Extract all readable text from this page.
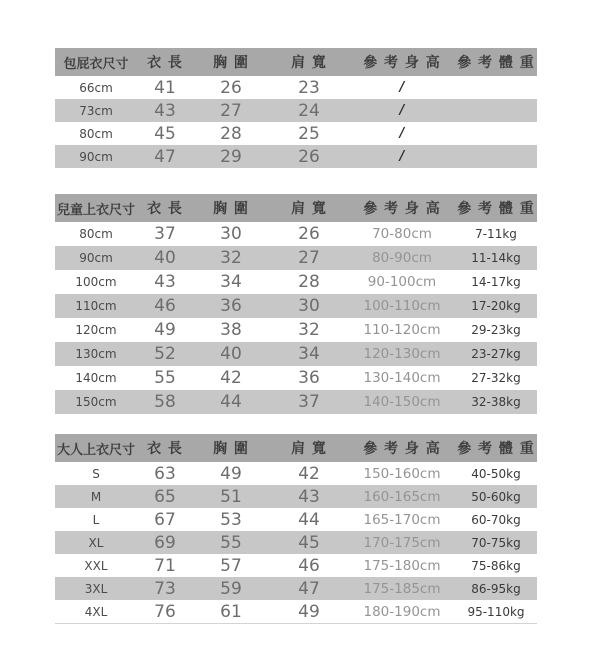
包屁衣尺寸	衣 長	胸 圍	肩 寬	參 考 身 高	參 考 體 重
66cm	41	26	23	/	
73cm	43	27	24	/	
80cm	45	28	25	/	
90cm	47	29	26	/	
兒童上衣尺寸	衣 長	胸 圍	肩 寬	參 考 身 高	參 考 體 重
80cm	37	30	26	70-80cm	7-11kg
90cm	40	32	27	80-90cm	11-14kg
100cm	43	34	28	90-100cm	14-17kg
110cm	46	36	30	100-110cm	17-20kg
120cm	49	38	32	110-120cm	29-23kg
130cm	52	40	34	120-130cm	23-27kg
140cm	55	42	36	130-140cm	27-32kg
150cm	58	44	37	140-150cm	32-38kg
大人上衣尺寸	衣 長	胸 圍	肩 寬	參 考 身 高	參 考 體 重
S	63	49	42	150-160cm	40-50kg
M	65	51	43	160-165cm	50-60kg
L	67	53	44	165-170cm	60-70kg
XL	69	55	45	170-175cm	70-75kg
XXL	71	57	46	175-180cm	75-86kg
3XL	73	59	47	175-185cm	86-95kg
4XL	76	61	49	180-190cm	95-110kg
